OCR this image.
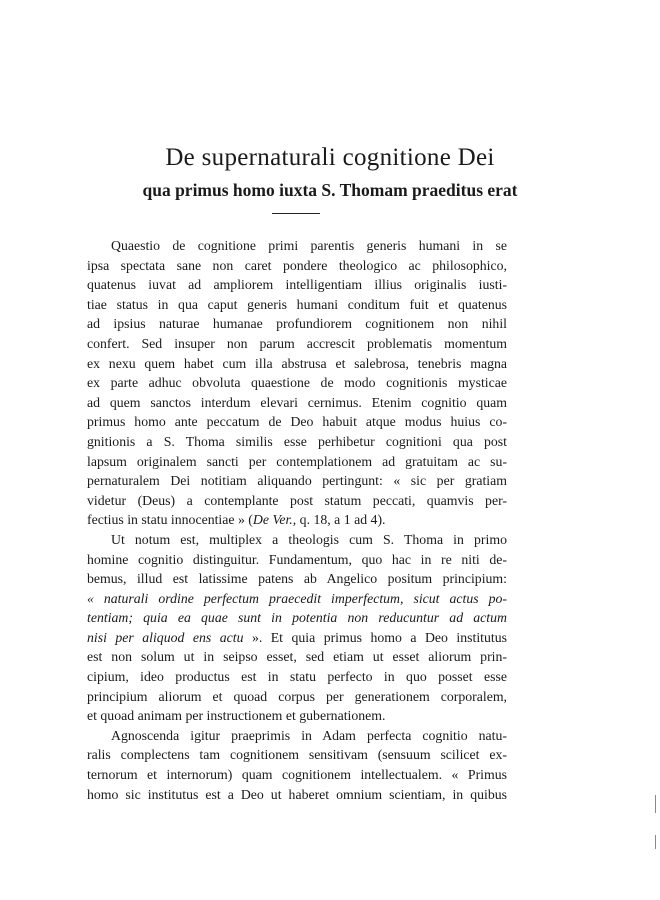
De supernaturali cognitione Dei
qua primus homo iuxta S. Thomam praeditus erat
Quaestio de cognitione primi parentis generis humani in se
ipsa spectata sane non caret pondere theologico ac philosophico,
quatenus iuvat ad ampliorem intelligentiam illius originalis iusti-
tiae status in qua caput generis humani conditum fuit et quatenus
ad ipsius naturae humanae profundiorem cognitionem non nihil
confert. Sed insuper non parum accrescit problematis momentum
ex nexu quem habet cum illa abstrusa et salebrosa, tenebris magna
ex parte adhuc obvoluta quaestione de modo cognitionis mysticae
ad quem sanctos interdum elevari cernimus. Etenim cognitio quam
primus homo ante peccatum de Deo habuit atque modus huius co-
gnitionis a S. Thoma similis esse perhibetur cognitioni qua post
lapsum originalem sancti per contemplationem ad gratuitam ac su-
pernaturalem Dei notitiam aliquando pertingunt: « sic per gratiam
videtur (Deus) a contemplante post statum peccati, quamvis per-
fectius in statu innocentiae » (De Ver., q. 18, a 1 ad 4).
Ut notum est, multiplex a theologis cum S. Thoma in primo
homine cognitio distinguitur. Fundamentum, quo hac in re niti de-
bemus, illud est latissime patens ab Angelico positum principium:
« naturali ordine perfectum praecedit imperfectum, sicut actus po-
tentiam; quia ea quae sunt in potentia non reducuntur ad actum
nisi per aliquod ens actu ». Et quia primus homo a Deo institutus
est non solum ut in seipso esset, sed etiam ut esset aliorum prin-
cipium, ideo productus est in statu perfecto in quo posset esse
principium aliorum et quoad corpus per generationem corporalem,
et quoad animam per instructionem et gubernationem.
Agnoscenda igitur praeprimis in Adam perfecta cognitio natu-
ralis complectens tam cognitionem sensitivam (sensuum scilicet ex-
ternorum et internorum) quam cognitionem intellectualem. « Primus
homo sic institutus est a Deo ut haberet omnium scientiam, in quibus
